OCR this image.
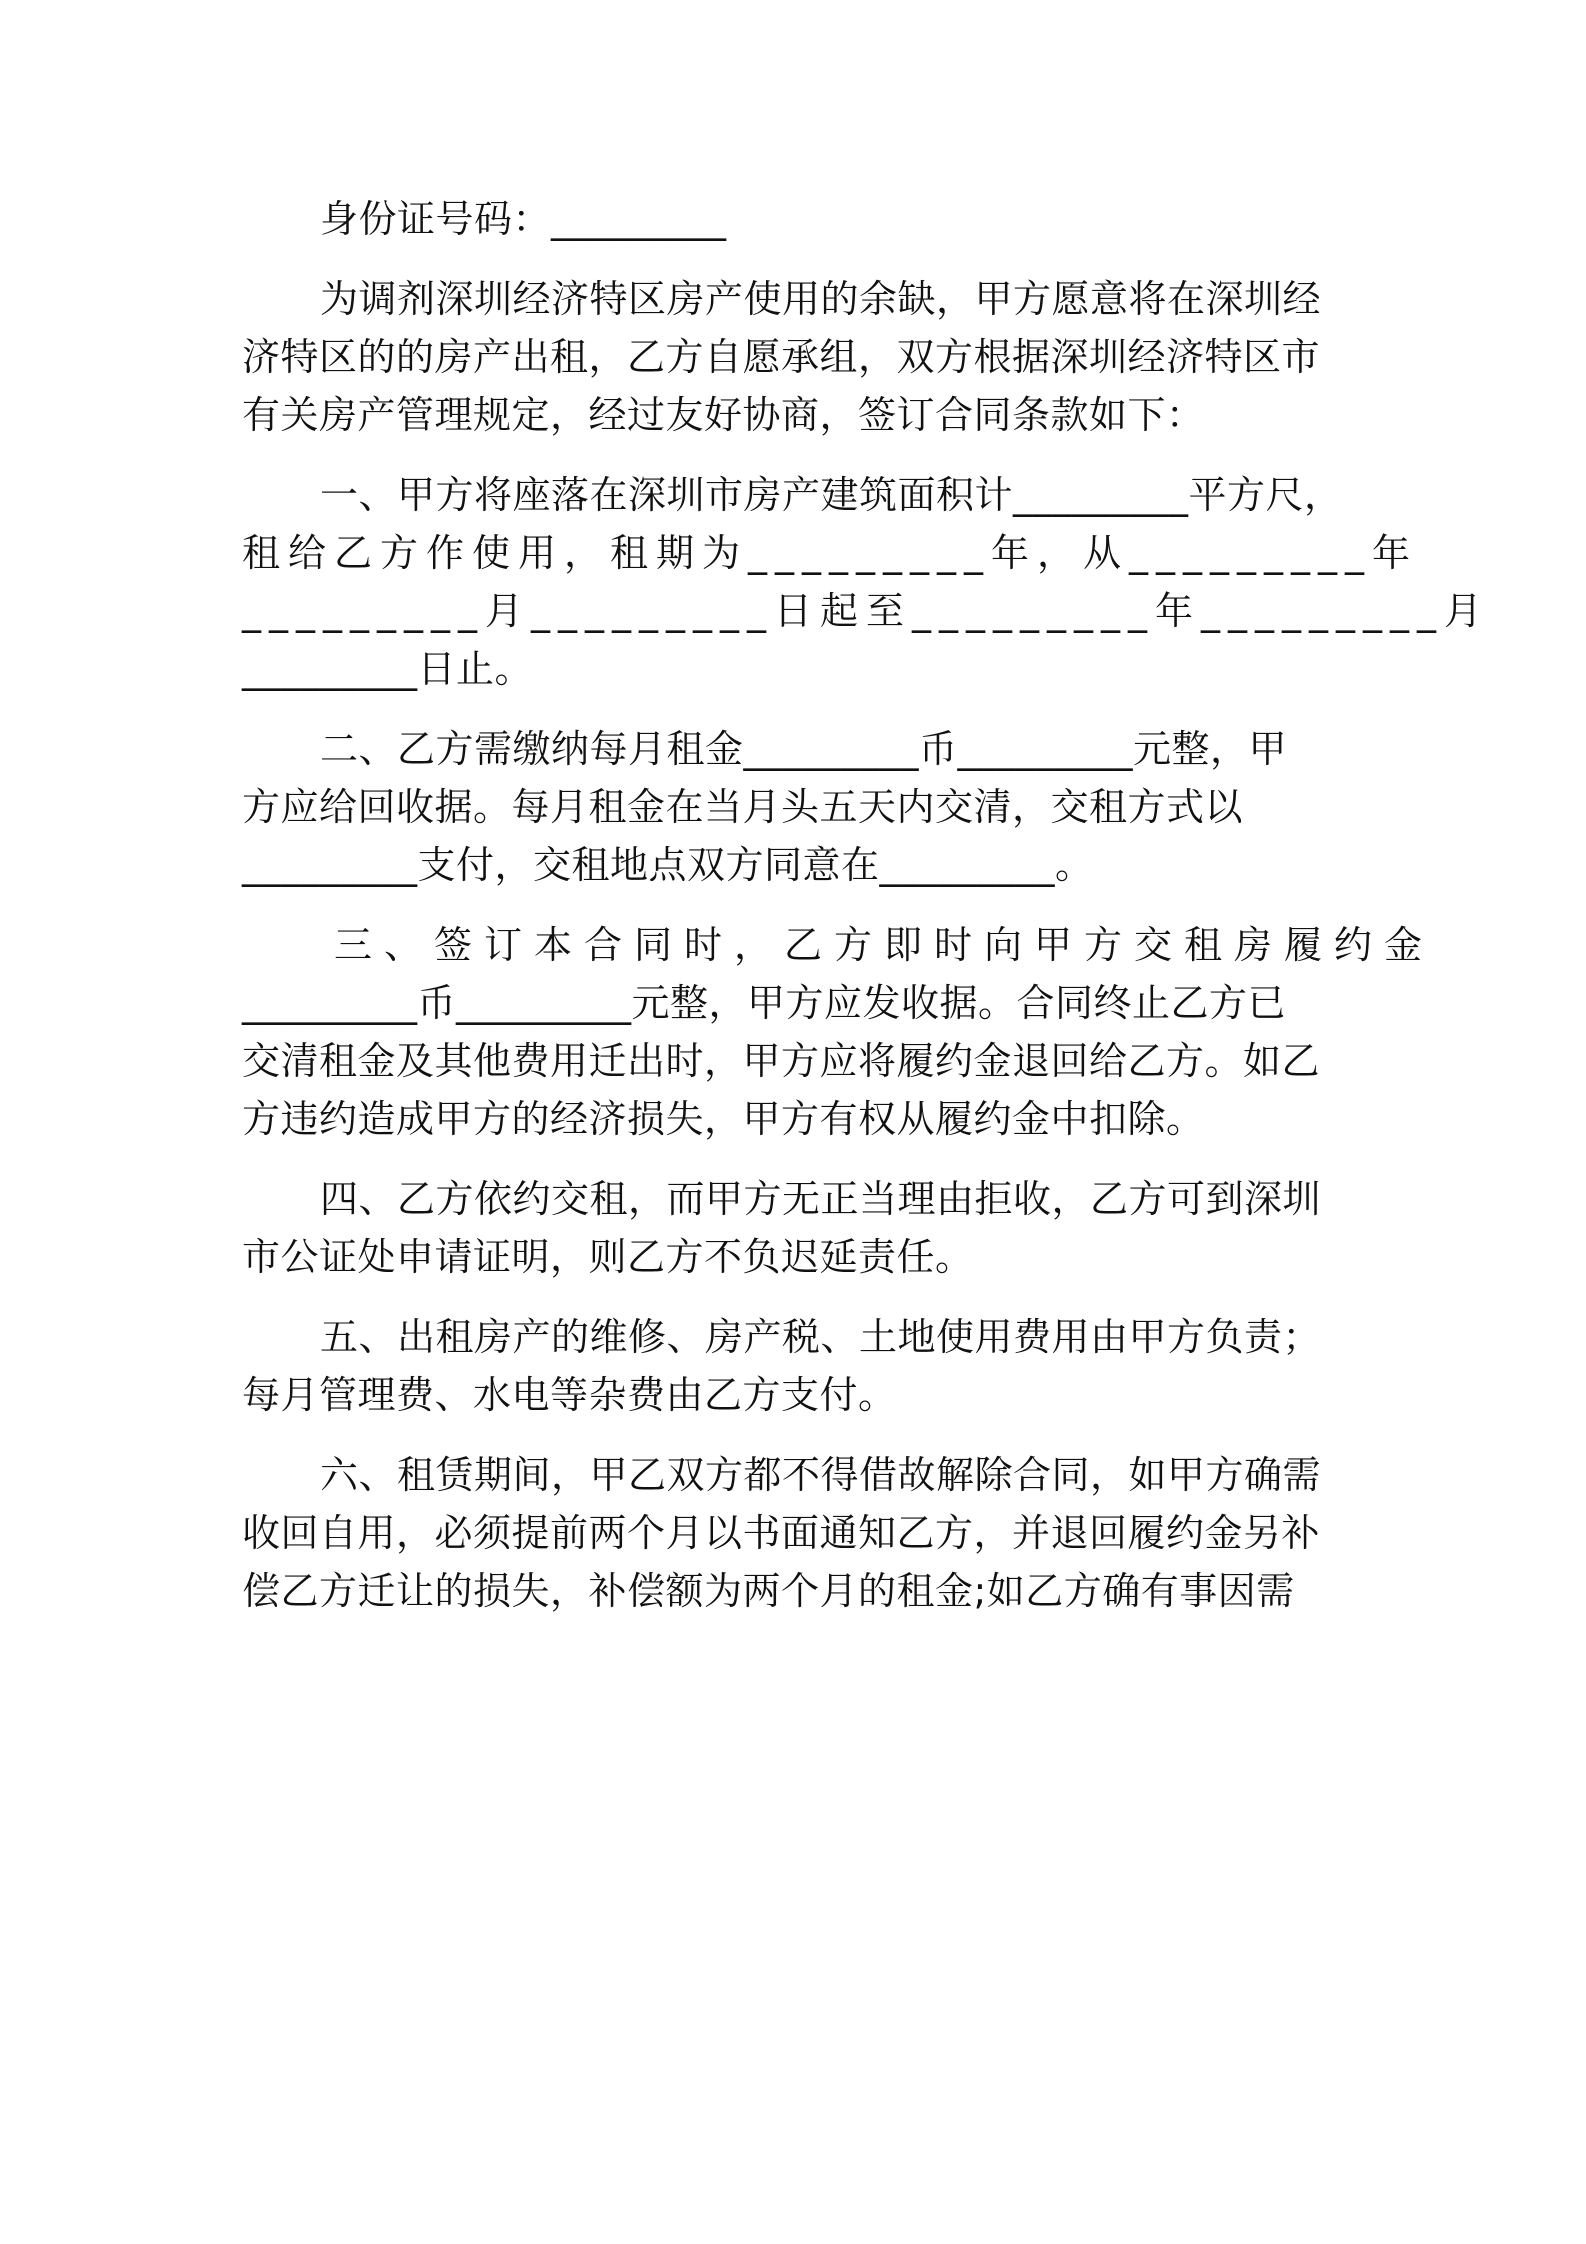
身份证号码：_________

为调剂深圳经济特区房产使用的余缺，甲方愿意将在深圳经

济特区的的房产出租，乙方自愿承组，双方根据深圳经济特区市

有关房产管理规定，经过友好协商，签订合同条款如下：

一、甲方将座落在深圳市房产建筑面积计_________平方尺，

租给乙方作使用，租期为_________年，从_________年

_________月_________日起至_________年_________月

_________日止。

二、乙方需缴纳每月租金_________币_________元整，甲

方应给回收据。每月租金在当月头五天内交清，交租方式以

_________支付，交租地点双方同意在_________。

三、签订本合同时，乙方即时向甲方交租房履约金

_________币_________元整，甲方应发收据。合同终止乙方已

交清租金及其他费用迁出时，甲方应将履约金退回给乙方。如乙

方违约造成甲方的经济损失，甲方有权从履约金中扣除。

四、乙方依约交租，而甲方无正当理由拒收，乙方可到深圳

市公证处申请证明，则乙方不负迟延责任。

五、出租房产的维修、房产税、土地使用费用由甲方负责；

每月管理费、水电等杂费由乙方支付。

六、租赁期间，甲乙双方都不得借故解除合同，如甲方确需

收回自用，必须提前两个月以书面通知乙方，并退回履约金另补

偿乙方迁让的损失，补偿额为两个月的租金;如乙方确有事因需
